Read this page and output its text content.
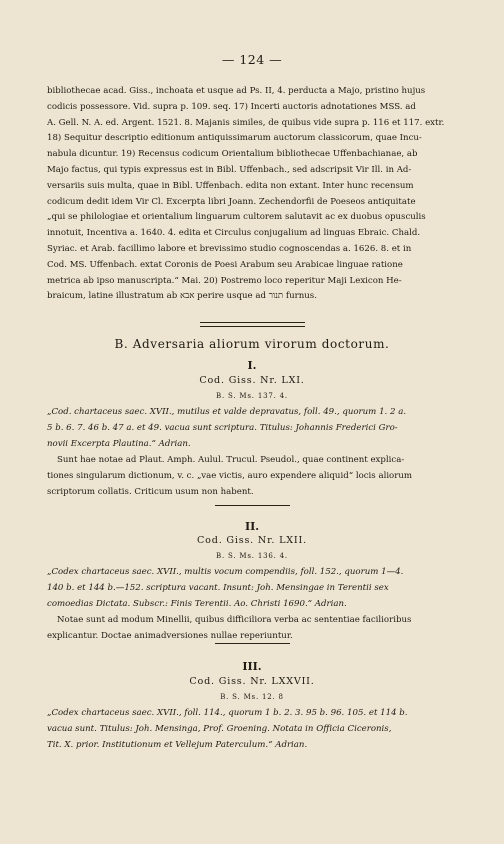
— 124 —

bibliothecae acad. Giss., inchoata et usque ad Ps. II, 4. perducta a Majo, pristino hujus

codicis possessore. Vid. supra p. 109. seq. 17) Incerti auctoris adnotationes MSS. ad

A. Gell. N. A. ed. Argent. 1521. 8. Majanis similes, de quibus vide supra p. 116 et 117. extr.

18) Sequitur descriptio editionum antiquissimarum auctorum classicorum, quae Incu-

nabula dicuntur. 19) Recensus codicum Orientalium bibliothecae Uffenbachianae, ab

Majo factus, qui typis expressus est in Bibl. Uffenbach., sed adscripsit Vir Ill. in Ad-

versariis suis multa, quae in Bibl. Uffenbach. edita non extant. Inter hunc recensum

codicum dedit idem Vir Cl. Excerpta libri Joann. Zechendorfii de Poeseos antiquitate

„qui se philologiae et orientalium linguarum cultorem salutavit ac ex duobus opusculis

innotuit, Incentiva a. 1640. 4. edita et Circulus conjugalium ad linguas Ebraic. Chald.

Syriac. et Arab. facillimo labore et brevissimo studio cognoscendas a. 1626. 8. et in

Cod. MS. Uffenbach. extat Coronis de Poesi Arabum seu Arabicae linguae ratione

metrica ab ipso manuscripta.“ Mai. 20) Postremo loco reperitur Maji Lexicon He-

braicum, latine illustratum ab אבא perire usque ad תנור furnus.

B. Adversaria aliorum virorum doctorum.
I.
Cod. Giss. Nr. LXI.
B. S. Ms. 137. 4.

„Cod. chartaceus saec. XVII., mutilus et valde depravatus, foll. 49., quorum 1. 2 a.

5 b. 6. 7. 46 b. 47 a. et 49. vacua sunt scriptura. Titulus: Johannis Frederici Gro-

novii Excerpta Plautina.“ Adrian.

Sunt hae notae ad Plaut. Amph. Aulul. Trucul. Pseudol., quae continent explica-

tiones singularum dictionum, v. c. „vae victis, auro expendere aliquid“ locis aliorum

scriptorum collatis. Criticum usum non habent.

II.
Cod. Giss. Nr. LXII.
B. S. Ms. 136. 4.

„Codex chartaceus saec. XVII., multis vocum compendiis, foll. 152., quorum 1—4.

140 b. et 144 b.—152. scriptura vacant. Insunt: Joh. Mensingae in Terentii sex

comoedias Dictata. Subscr.: Finis Terentii. Ao. Christi 1690.“ Adrian.

Notae sunt ad modum Minellii, quibus difficiliora verba ac sententiae facilioribus

explicantur. Doctae animadversiones nullae reperiuntur.

III.
Cod. Giss. Nr. LXXVII.
B. S. Ms. 12. 8

„Codex chartaceus saec. XVII., foll. 114., quorum 1 b. 2. 3. 95 b. 96. 105. et 114 b.

vacua sunt. Titulus: Joh. Mensinga, Prof. Groening. Notata in Officia Ciceronis,

Tit. X. prior. Institutionum et Vellejum Paterculum.“ Adrian.
